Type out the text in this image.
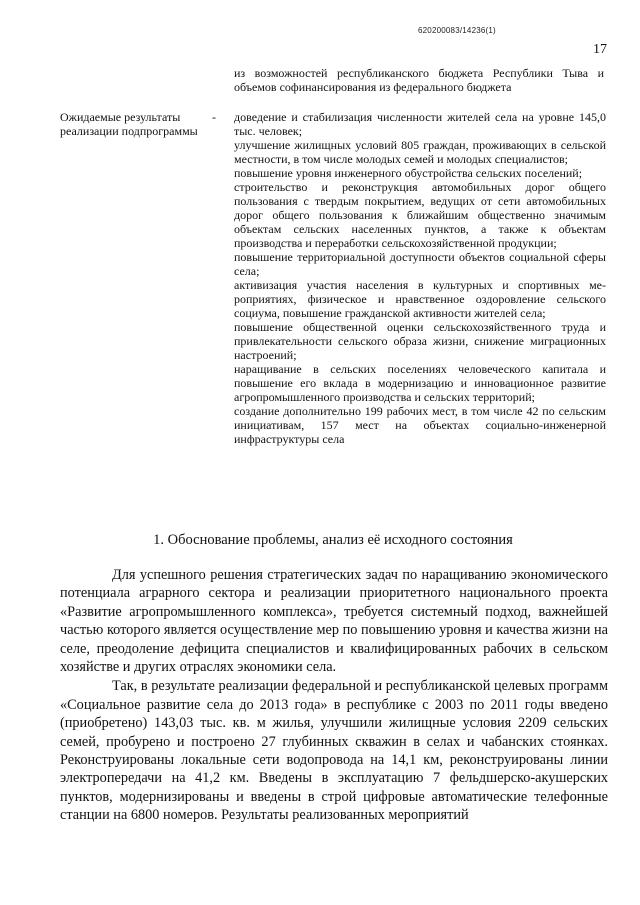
620200083/14236(1)
17
из возможностей республиканского бюджета Республики Тыва и объемов софинансирования из федерального бюджета
Ожидаемые результаты реализации подпрограммы
- доведение и стабилизация численности жителей села на уровне 145,0 тыс. человек;
улучшение жилищных условий 805 граждан, проживающих в сельской местности, в том числе молодых семей и молодых специалистов;
повышение уровня инженерного обустройства сельских поселений;
строительство и реконструкция автомобильных дорог общего пользования с твердым покрытием, ведущих от сети автомобильных дорог общего пользования к ближайшим общественно значимым объектам сельских населенных пунктов, а также к объектам производства и переработки сельскохозяйственной продукции;
повышение территориальной доступности объектов социальной сферы села;
активизация участия населения в культурных и спортивных мероприятиях, физическое и нравственное оздоровление сельского социума, повышение гражданской активности жителей села;
повышение общественной оценки сельскохозяйственного труда и привлекательности сельского образа жизни, снижение миграционных настроений;
наращивание в сельских поселениях человеческого капитала и повышение его вклада в модернизацию и инновационное развитие агропромышленного производства и сельских территорий;
создание дополнительно 199 рабочих мест, в том числе 42 по сельским инициативам, 157 мест на объектах социально-инженерной инфраструктуры села
1. Обоснование проблемы, анализ её исходного состояния

Для успешного решения стратегических задач по наращиванию экономического потенциала аграрного сектора и реализации приоритетного национального проекта «Развитие агропромышленного комплекса», требуется системный подход, важнейшей частью которого является осуществление мер по повышению уровня и качества жизни на селе, преодоление дефицита специалистов и квалифицированных рабочих в сельском хозяйстве и других отраслях экономики села.

Так, в результате реализации федеральной и республиканской целевых программ «Социальное развитие села до 2013 года» в республике с 2003 по 2011 годы введено (приобретено) 143,03 тыс. кв. м жилья, улучшили жилищные условия 2209 сельских семей, пробурено и построено 27 глубинных скважин в селах и чабанских стоянках. Реконструированы локальные сети водопровода на 14,1 км, реконструированы линии электропередачи на 41,2 км. Введены в эксплуатацию 7 фельдшерско-акушерских пунктов, модернизированы и введены в строй цифровые автоматические телефонные станции на 6800 номеров. Результаты реализованных мероприятий
